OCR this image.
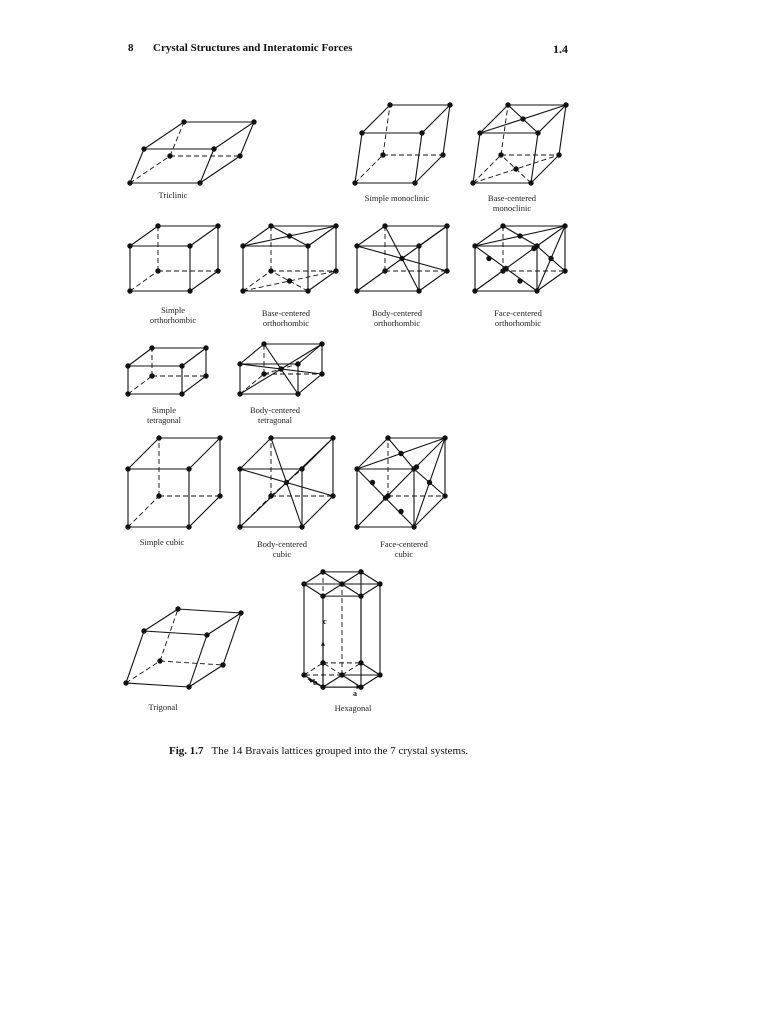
8 Crystal Structures and Interatomic Forces	1.4
Triclinic	Simple monoclinic	Base-centered
monoclinic
Simple
orthorhombic
Base-centered
orthorhombic
Body-centered
orthorhombic
Face-centered
orthorhombic
Simple
tetragonal
Body-centered
tetragonal
Simple cubic	Body-centered
cubic
Face-centered
cubic
Trigonal	Hexagonal
c
b
a
Fig. 1.7 The 14 Bravais lattices grouped into the 7 crystal systems.
